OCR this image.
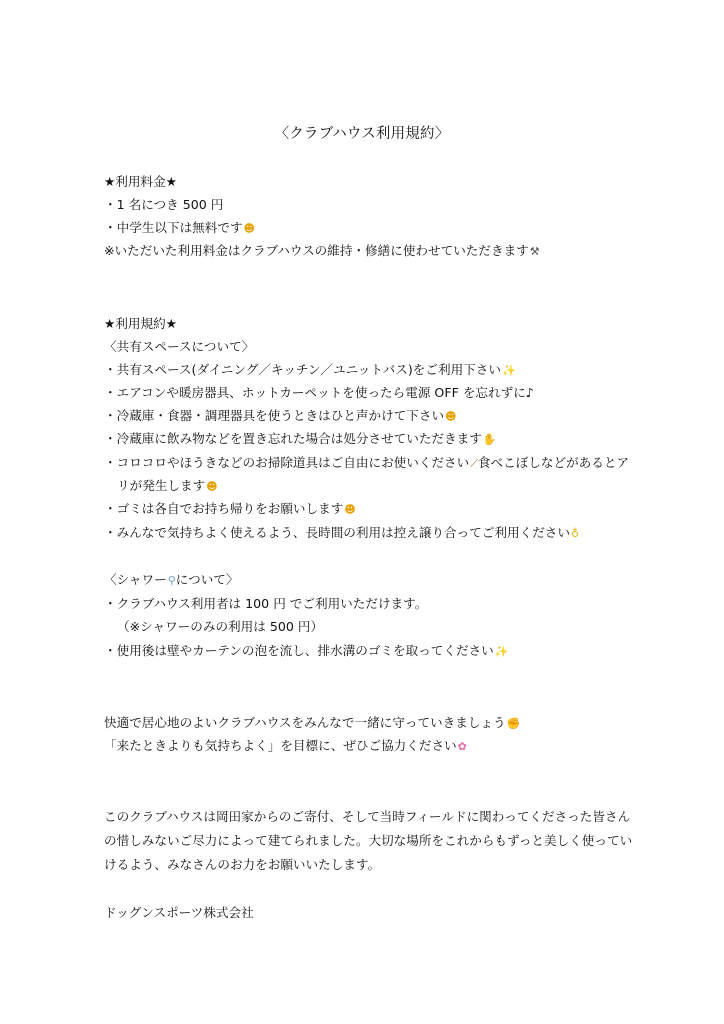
〈クラブハウス利用規約〉
★利用料金★
・1 名につき 500 円
・中学生以下は無料です☻
※いただいた利用料金はクラブハウスの維持・修繕に使わせていただきます⚒
★利用規約★
〈共有スペースについて〉
・共有スペース(ダイニング／キッチン／ユニットバス)をご利用下さい✨
・エアコンや暖房器具、ホットカーペットを使ったら電源 OFF を忘れずに♪
・冷蔵庫・食器・調理器具を使うときはひと声かけて下さい☻
・冷蔵庫に飲み物などを置き忘れた場合は処分させていただきます✋
・コロコロやほうきなどのお掃除道具はご自由にお使いください⟋食べこぼしなどがあるとア
リが発生します☻
・ゴミは各自でお持ち帰りをお願いします☻
・みんなで気持ちよく使えるよう、長時間の利用は控え譲り合ってご利用ください♁
〈シャワー⚲について〉
・クラブハウス利用者は 100 円 でご利用いただけます。
（※シャワーのみの利用は 500 円）
・使用後は壁やカーテンの泡を流し、排水溝のゴミを取ってください✨
快適で居心地のよいクラブハウスをみんなで一緒に守っていきましょう✊
「来たときよりも気持ちよく」を目標に、ぜひご協力ください✿
このクラブハウスは岡田家からのご寄付、そして当時フィールドに関わってくださった皆さん
の惜しみないご尽力によって建てられました。大切な場所をこれからもずっと美しく使ってい
けるよう、みなさんのお力をお願いいたします。
ドッグンスポーツ株式会社
